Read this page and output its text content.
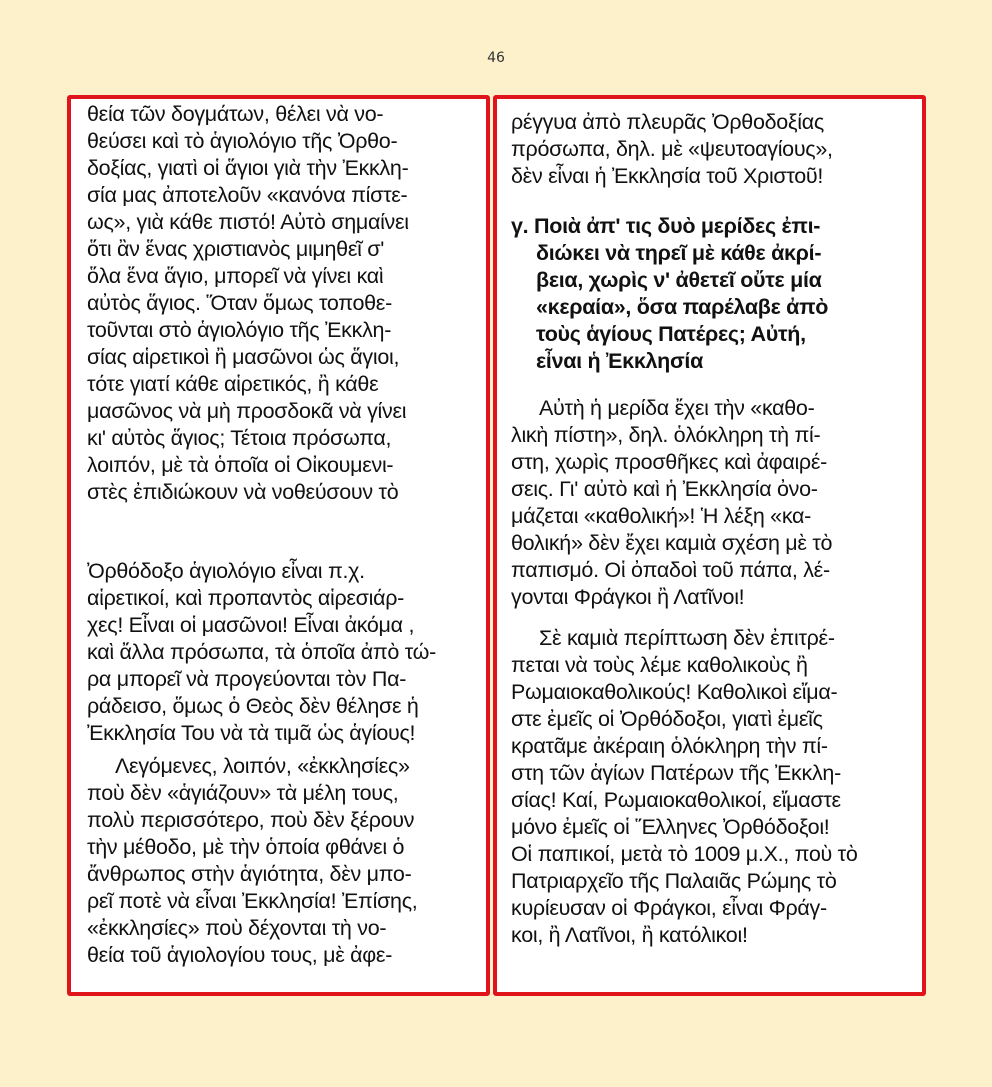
46
θεία τῶν δογμάτων, θέλει νὰ νο-
θεύσει καὶ τὸ ἁγιολόγιο τῆς Ὀρθο-
δοξίας, γιατὶ οἱ ἅγιοι γιὰ τὴν Ἐκκλη-
σία μας ἀποτελοῦν «κανόνα πίστε-
ως», γιὰ κάθε πιστό! Αὐτὸ σημαίνει
ὅτι ἂν ἕνας χριστιανὸς μιμηθεῖ σ'
ὅλα ἕνα ἅγιο, μπορεῖ νὰ γίνει καὶ
αὐτὸς ἅγιος. Ὅταν ὅμως τοποθε-
τοῦνται στὸ ἁγιολόγιο τῆς Ἐκκλη-
σίας αἱρετικοὶ ἢ μασῶνοι ὡς ἅγιοι,
τότε γιατί κάθε αἱρετικός, ἢ κάθε
μασῶνος νὰ μὴ προσδοκᾶ νὰ γίνει
κι' αὐτὸς ἅγιος; Τέτοια πρόσωπα,
λοιπόν, μὲ τὰ ὁποῖα οἱ Οἰκουμενι-
στὲς ἐπιδιώκουν νὰ νοθεύσουν τὸ
Ὀρθόδοξο ἁγιολόγιο εἶναι π.χ.
αἱρετικοί, καὶ προπαντὸς αἱρεσιάρ-
χες! Εἶναι οἱ μασῶνοι! Εἶναι ἀκόμα ,
καὶ ἄλλα πρόσωπα, τὰ ὁποῖα ἀπὸ τώ-
ρα μπορεῖ νὰ προγεύονται τὸν Πα-
ράδεισο, ὅμως ὁ Θεὸς δὲν θέλησε ἡ
Ἐκκλησία Του νὰ τὰ τιμᾶ ὡς ἁγίους!
Λεγόμενες, λοιπόν, «ἐκκλησίες»
ποὺ δὲν «ἁγιάζουν» τὰ μέλη τους,
πολὺ περισσότερο, ποὺ δὲν ξέρουν
τὴν μέθοδο, μὲ τὴν ὁποία φθάνει ὁ
ἄνθρωπος στὴν ἁγιότητα, δὲν μπο-
ρεῖ ποτὲ νὰ εἶναι Ἐκκλησία! Ἐπίσης,
«ἐκκλησίες» ποὺ δέχονται τὴ νο-
θεία τοῦ ἁγιολογίου τους, μὲ ἀφε-
ρέγγυα ἀπὸ πλευρᾶς Ὀρθοδοξίας
πρόσωπα, δηλ. μὲ «ψευτοαγίους»,
δὲν εἶναι ἡ Ἐκκλησία τοῦ Χριστοῦ!
γ. Ποιὰ ἀπ' τις δυὸ μερίδες ἐπι-
διώκει νὰ τηρεῖ μὲ κάθε ἀκρί-
βεια, χωρὶς ν' ἀθετεῖ οὔτε μία
«κεραία», ὅσα παρέλαβε ἀπὸ
τοὺς ἁγίους Πατέρες; Αὐτή,
εἶναι ἡ Ἐκκλησία
Αὐτὴ ἡ μερίδα ἔχει τὴν «καθο-
λικὴ πίστη», δηλ. ὁλόκληρη τὴ πί-
στη, χωρὶς προσθῆκες καὶ ἀφαιρέ-
σεις. Γι' αὐτὸ καὶ ἡ Ἐκκλησία ὀνο-
μάζεται «καθολική»! Ἡ λέξη «κα-
θολική» δὲν ἔχει καμιὰ σχέση μὲ τὸ
παπισμό. Οἱ ὀπαδοὶ τοῦ πάπα, λέ-
γονται Φράγκοι ἢ Λατῖνοι!
Σὲ καμιὰ περίπτωση δὲν ἐπιτρέ-
πεται νὰ τοὺς λέμε καθολικοὺς ἢ
Ρωμαιοκαθολικούς! Καθολικοὶ εἴμα-
στε ἐμεῖς οἱ Ὀρθόδοξοι, γιατὶ ἐμεῖς
κρατᾶμε ἀκέραιη ὁλόκληρη τὴν πί-
στη τῶν ἁγίων Πατέρων τῆς Ἐκκλη-
σίας! Καί, Ρωμαιοκαθολικοί, εἴμαστε
μόνο ἐμεῖς οἱ Ἕλληνες Ὀρθόδοξοι!
Οἱ παπικοί, μετὰ τὸ 1009 μ.Χ., ποὺ τὸ
Πατριαρχεῖο τῆς Παλαιᾶς Ρώμης τὸ
κυρίευσαν οἱ Φράγκοι, εἶναι Φράγ-
κοι, ἢ Λατῖνοι, ἢ κατόλικοι!
